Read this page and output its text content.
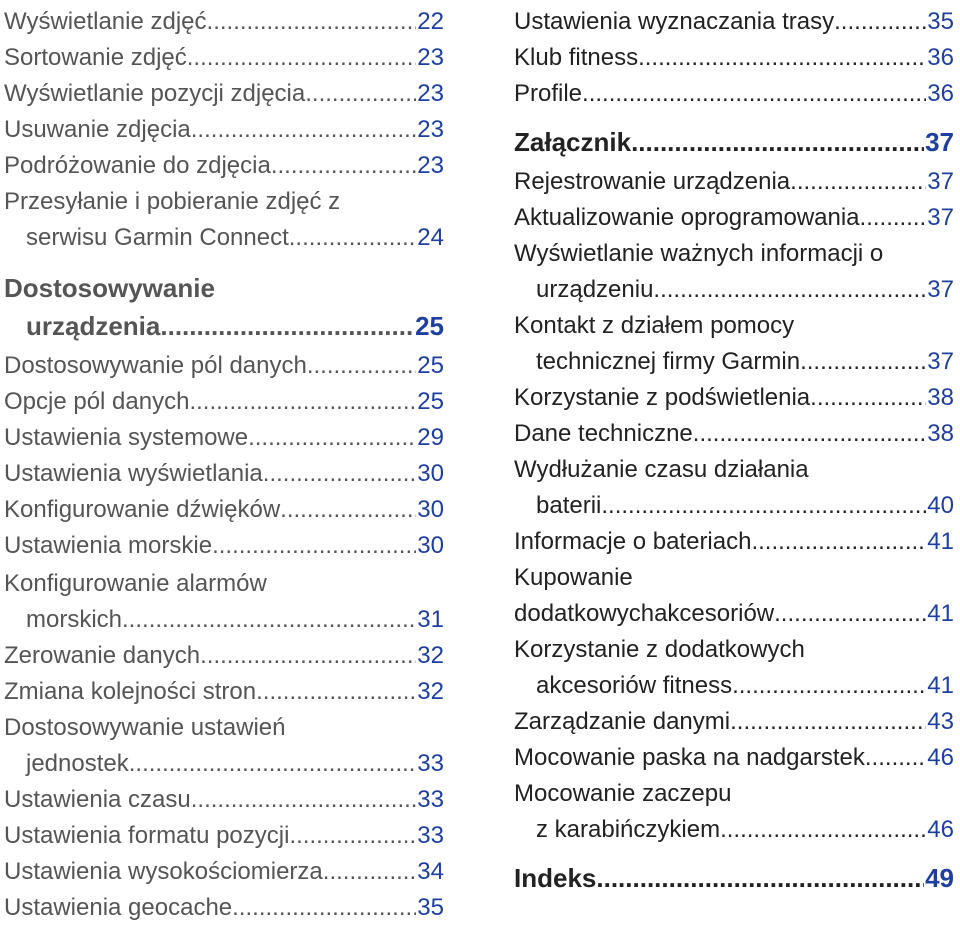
Wyświetlanie zdjęć .....	22
Sortowanie zdjęć .....	23
Wyświetlanie pozycji zdjęcia .....	23
Usuwanie zdjęcia .....	23
Podróżowanie do zdjęcia .....	23
Przesyłanie i pobieranie zdjęć z
serwisu Garmin Connect .....	24
Dostosowywanie
urządzenia .....	25
Dostosowywanie pól danych .....	25
Opcje pól danych .....	25
Ustawienia systemowe .....	29
Ustawienia wyświetlania .....	30
Konfigurowanie dźwięków .....	30
Ustawienia morskie .....	30
Konfigurowanie alarmów
morskich .....	31
Zerowanie danych .....	32
Zmiana kolejności stron .....	32
Dostosowywanie ustawień
jednostek .....	33
Ustawienia czasu .....	33
Ustawienia formatu pozycji .....	33
Ustawienia wysokościomierza .....	34
Ustawienia geocache .....	35
Ustawienia wyznaczania trasy .....	35
Klub fitness .....	36
Profile .....	36
Załącznik .....	37
Rejestrowanie urządzenia .....	37
Aktualizowanie oprogramowania .....	37
Wyświetlanie ważnych informacji o
urządzeniu .....	37
Kontakt z działem pomocy
technicznej firmy Garmin .....	37
Korzystanie z podświetlenia .....	38
Dane techniczne .....	38
Wydłużanie czasu działania
baterii .....	40
Informacje o bateriach .....	41
Kupowanie
dodatkowychakcesoriów .....	41
Korzystanie z dodatkowych
akcesoriów fitness .....	41
Zarządzanie danymi .....	43
Mocowanie paska na nadgarstek .....	46
Mocowanie zaczepu
z karabińczykiem .....	46
Indeks .....	49
